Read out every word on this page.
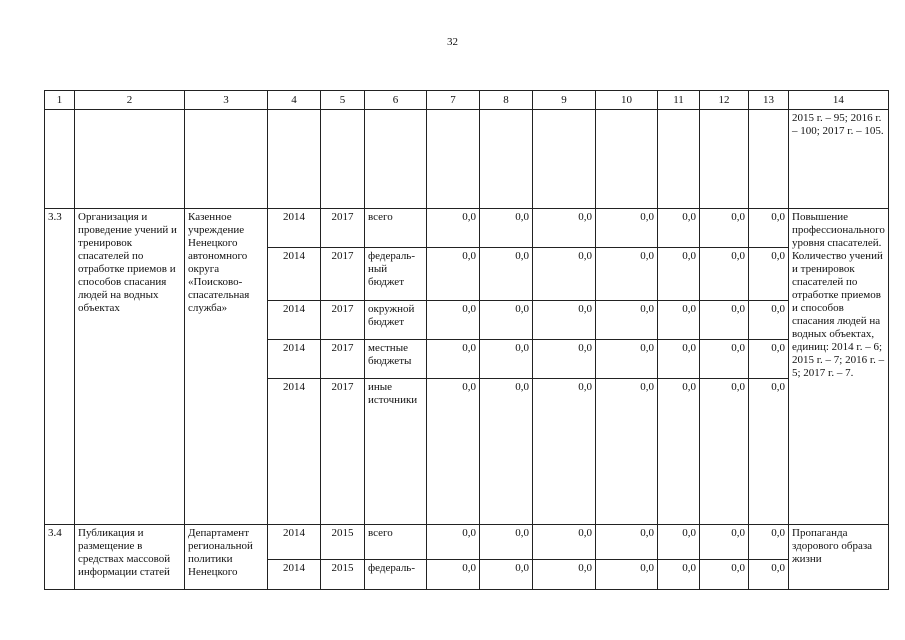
32
1	2	3	4	5	6	7	8	9	10	11	12	13	14
													2015 г. – 95; 2016 г. – 100; 2017 г. – 105.
3.3	Организация и проведение учений и тренировок спасателей по отработке приемов и способов спасания людей на водных объектах	Казенное учреждение Ненецкого автономного округа «Поисково-спасательная служба»	2014	2017	всего	0,0	0,0	0,0	0,0	0,0	0,0	0,0	Повышение профессионального уровня спасателей. Количество учений и тренировок спасателей по отработке приемов и способов спасания людей на водных объектах, единиц: 2014 г. – 6; 2015 г. – 7; 2016 г. – 5; 2017 г. – 7.
			2014	2017	федераль-ный бюджет	0,0	0,0	0,0	0,0	0,0	0,0	0,0	
			2014	2017	окружной бюджет	0,0	0,0	0,0	0,0	0,0	0,0	0,0	
			2014	2017	местные бюджеты	0,0	0,0	0,0	0,0	0,0	0,0	0,0	
			2014	2017	иные источники	0,0	0,0	0,0	0,0	0,0	0,0	0,0	
3.4	Публикация и размещение в средствах массовой информации статей	Департамент региональной политики Ненецкого	2014	2015	всего	0,0	0,0	0,0	0,0	0,0	0,0	0,0	Пропаганда здорового образа жизни
			2014	2015	федераль-	0,0	0,0	0,0	0,0	0,0	0,0	0,0	
